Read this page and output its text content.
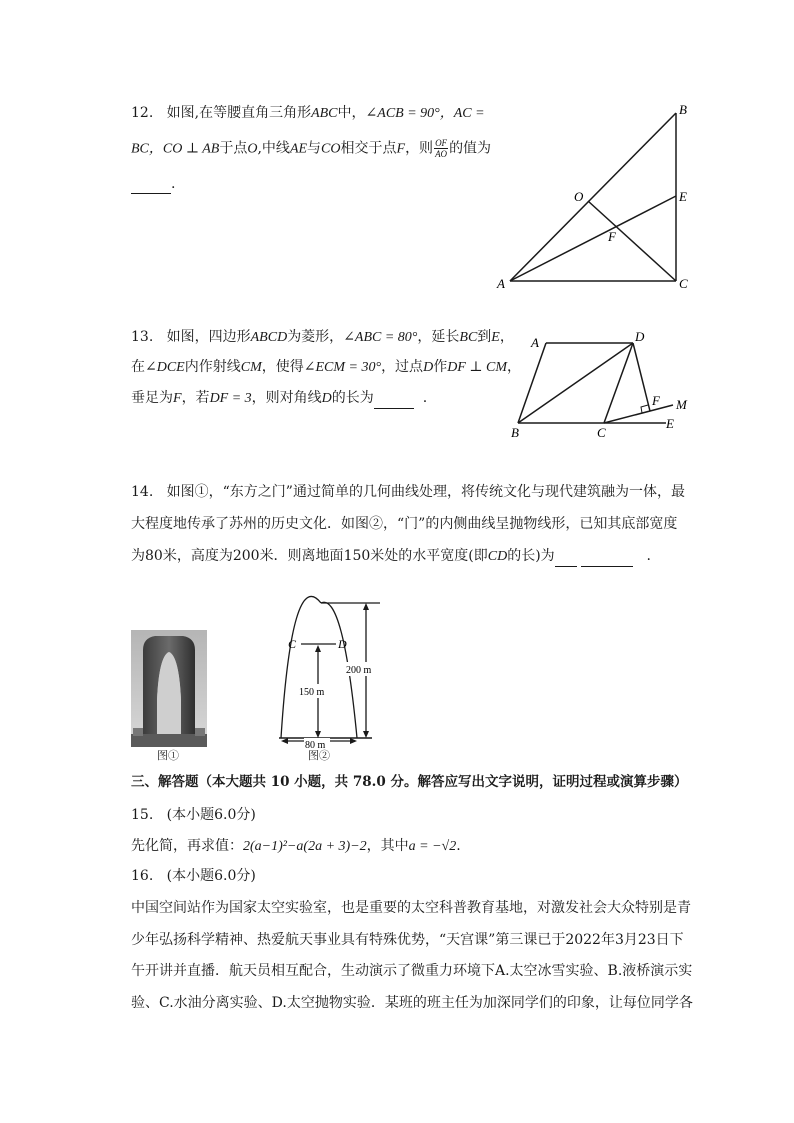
12. 如图,在等腰直角三角形ABC中，∠ACB = 90°，AC =
BC，CO ⊥ AB于点O,中线AE与CO相交于点F，则 $\frac{OF}{AO}$ 的值为
.
B
E
C
A
O
F
13. 如图，四边形ABCD为菱形，∠ABC = 80°，延长BC到E，
在∠DCE内作射线CM，使得∠ECM = 30°，过点D作DF ⊥ CM，
垂足为F，若DF = 3，则对角线D的长为	.
A	D
B	C
E
F M
14. 如图①，“东方之门”通过简单的几何曲线处理，将传统文化与现代建筑融为一体，最
大程度地传承了苏州的历史文化．如图②，“门”的内侧曲线呈抛物线形，已知其底部宽度
为80米，高度为200米．则离地面150米处的水平宽度(即CD的长)为	.
图①
C	D
200 m
150 m
80 m
图②
三、解答题（本大题共 10 小题，共 78.0 分。解答应写出文字说明，证明过程或演算步骤）
15. (本小题6.0分)
先化简，再求值：2(a−1)²−a(2a + 3)−2，其中a = −√2.
16. (本小题6.0分)
中国空间站作为国家太空实验室，也是重要的太空科普教育基地，对激发社会大众特别是青
少年弘扬科学精神、热爱航天事业具有特殊优势，“天宫课”第三课已于2022年3月23日下
午开讲并直播．航天员相互配合，生动演示了微重力环境下A.太空冰雪实验、B.液桥演示实
验、C.水油分离实验、D.太空抛物实验．某班的班主任为加深同学们的印象，让每位同学各
